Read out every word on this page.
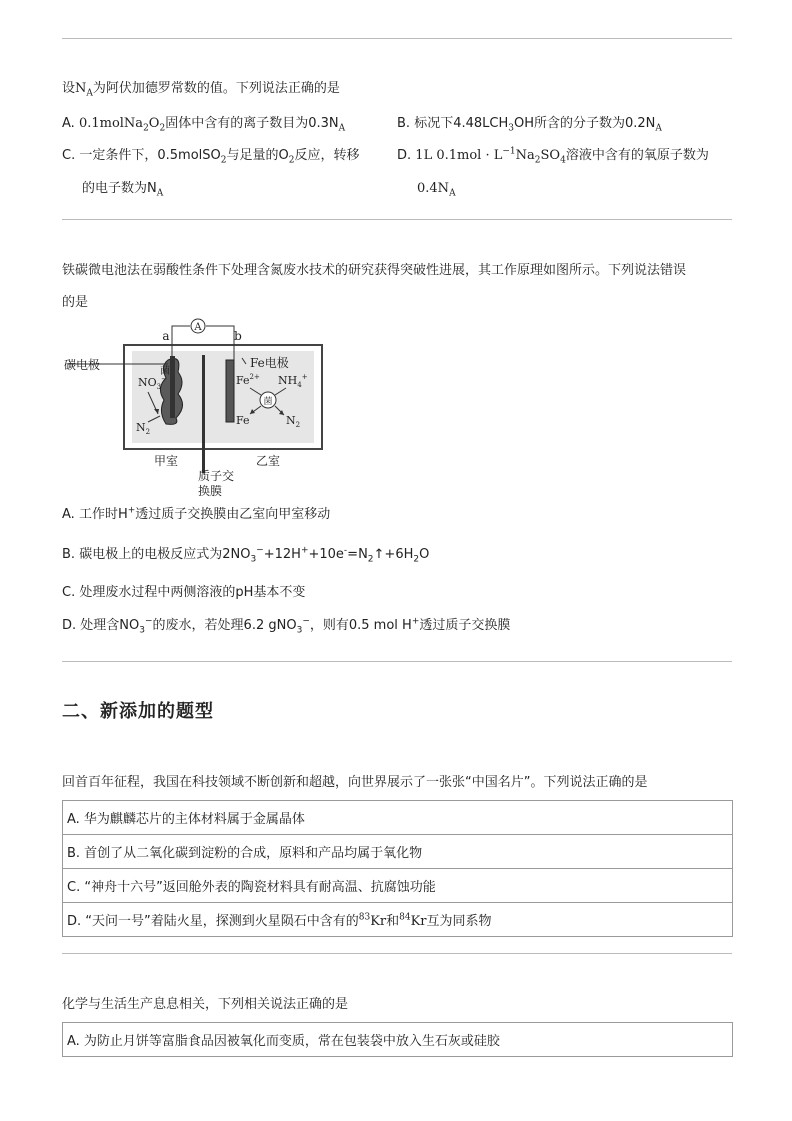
设$N_A$为阿伏加德罗常数的值。下列说法正确的是
A. $0.1molNa_2O_2$固体中含有的离子数目为$0.3N_A$	B. 标况下$4.48LCH_3OH$所含的分子数为$0.2N_A$
C. 一定条件下，0.5molSO$_2$与足量的$O_2$反应，转移
的电子数为$N_A$
D. 1L $0.1mol \cdot L^{-1}Na_2SO_4$溶液中含有的氧原子数为
$0.4N_A$
铁碳微电池法在弱酸性条件下处理含氮废水技术的研究获得突破性进展，其工作原理如图所示。下列说法错误
的是
A
a	b
碳电极	菌
$NO_3^-$
$N_2$
Fe电极
$Fe^{2+}$ $NH_4^+$
菌
Fe	$N_2$
甲室	乙室
质子交
换膜
A. 工作时H+透过质子交换膜由乙室向甲室移动
B. 碳电极上的电极反应式为$2NO_3^-+12H^++10e^-=N_2↑+6H_2O$
C. 处理废水过程中两侧溶液的pH基本不变
D. 处理含$NO_3^-$的废水，若处理6.2 gNO$_3$−，则有0.5 mol H+透过质子交换膜
二、新添加的题型
回首百年征程，我国在科技领域不断创新和超越，向世界展示了一张张“中国名片”。下列说法正确的是
A. 华为麒麟芯片的主体材料属于金属晶体
B. 首创了从二氧化碳到淀粉的合成，原料和产品均属于氧化物
C. “神舟十六号”返回舱外表的陶瓷材料具有耐高温、抗腐蚀功能
D. “天问一号”着陆火星，探测到火星陨石中含有的$^{83}$Kr和$^{84}$Kr互为同系物
化学与生活生产息息相关，下列相关说法正确的是
A. 为防止月饼等富脂食品因被氧化而变质，常在包装袋中放入生石灰或硅胶
